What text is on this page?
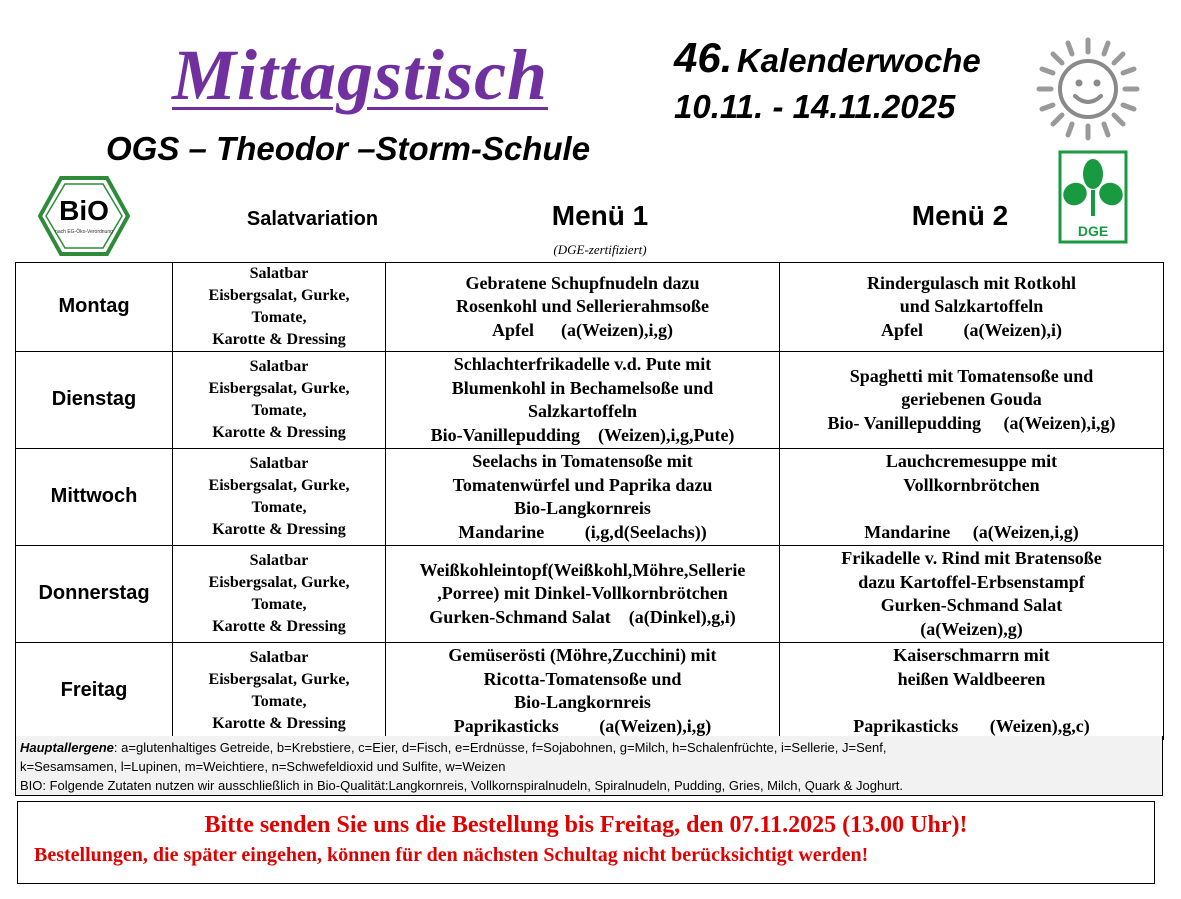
Mittagstisch
OGS – Theodor –Storm-Schule
46. Kalenderwoche
10.11. - 14.11.2025
BiO
nach EG-Öko-Verordnung	DGE
Salatvariation	Menü 1	Menü 2
(DGE-zertifiziert)
Montag	Salatbar
Eisbergsalat, Gurke,
Tomate,
Karotte & Dressing	Gebratene Schupfnudeln dazu
Rosenkohl und Sellerierahmsoße
Apfel      (a(Weizen),i,g)	Rindergulasch mit Rotkohl
und Salzkartoffeln
Apfel         (a(Weizen),i)

Dienstag	Salatbar
Eisbergsalat, Gurke,
Tomate,
Karotte & Dressing	Schlachterfrikadelle v.d. Pute mit
Blumenkohl in Bechamelsoße und
Salzkartoffeln
Bio-Vanillepudding    (Weizen),i,g,Pute)	Spaghetti mit Tomatensoße und
geriebenen Gouda
Bio- Vanillepudding     (a(Weizen),i,g)

Mittwoch	Salatbar
Eisbergsalat, Gurke,
Tomate,
Karotte & Dressing	Seelachs in Tomatensoße mit
Tomatenwürfel und Paprika dazu
Bio-Langkornreis
Mandarine         (i,g,d(Seelachs))	Lauchcremesuppe mit
Vollkornbrötchen

Mandarine     (a(Weizen,i,g)

Donnerstag	Salatbar
Eisbergsalat, Gurke,
Tomate,
Karotte & Dressing	Weißkohleintopf(Weißkohl,Möhre,Sellerie
,Porree) mit Dinkel-Vollkornbrötchen
Gurken-Schmand Salat    (a(Dinkel),g,i)	Frikadelle v. Rind mit Bratensoße
dazu Kartoffel-Erbsenstampf
Gurken-Schmand Salat
(a(Weizen),g)

Freitag	Salatbar
Eisbergsalat, Gurke,
Tomate,
Karotte & Dressing	Gemüserösti (Möhre,Zucchini) mit
Ricotta-Tomatensoße und
Bio-Langkornreis
Paprikasticks         (a(Weizen),i,g)	Kaiserschmarrn mit
heißen Waldbeeren

Paprikasticks       (Weizen),g,c)
Hauptallergene: a=glutenhaltiges Getreide, b=Krebstiere, c=Eier, d=Fisch, e=Erdnüsse, f=Sojabohnen, g=Milch, h=Schalenfrüchte, i=Sellerie, J=Senf,
k=Sesamsamen, l=Lupinen, m=Weichtiere, n=Schwefeldioxid und Sulfite, w=Weizen
BIO: Folgende Zutaten nutzen wir ausschließlich in Bio-Qualität:Langkornreis, Vollkornspiralnudeln, Spiralnudeln, Pudding, Gries, Milch, Quark & Joghurt.
Bitte senden Sie uns die Bestellung bis Freitag, den 07.11.2025 (13.00 Uhr)!
Bestellungen, die später eingehen, können für den nächsten Schultag nicht berücksichtigt werden!
